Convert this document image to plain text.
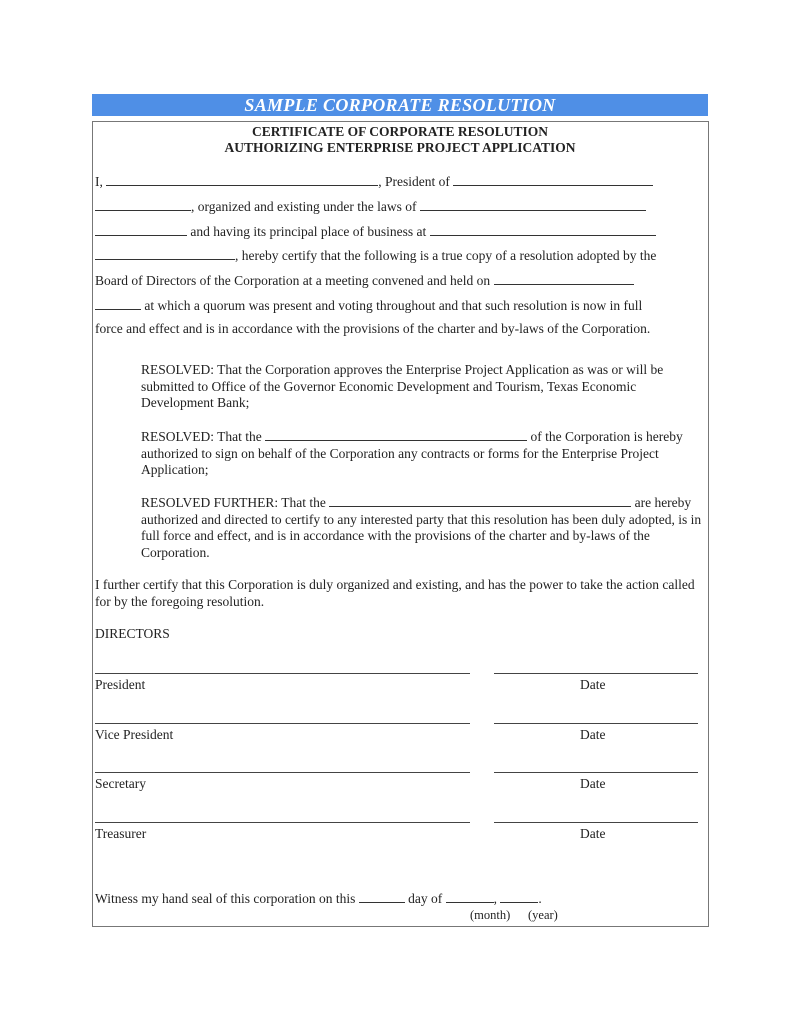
SAMPLE CORPORATE RESOLUTION
CERTIFICATE OF CORPORATE RESOLUTION
AUTHORIZING ENTERPRISE PROJECT APPLICATION
I,	, President of
, organized and existing under the laws of
and having its principal place of business at
, hereby certify that the following is a true copy of a resolution adopted by the
Board of Directors of the Corporation at a meeting convened and held on
at which a quorum was present and voting throughout and that such resolution is now in full
force and effect and is in accordance with the provisions of the charter and by-laws of the Corporation.
RESOLVED: That the Corporation approves the Enterprise Project Application as was or will be submitted to Office of the Governor Economic Development and Tourism, Texas Economic Development Bank;
RESOLVED: That the	of the Corporation is hereby authorized to sign on behalf of the Corporation any contracts or forms for the Enterprise Project Application;
RESOLVED FURTHER: That the	are hereby authorized and directed to certify to any interested party that this resolution has been duly adopted, is in full force and effect, and is in accordance with the provisions of the charter and by-laws of the Corporation.
I further certify that this Corporation is duly organized and existing, and has the power to take the action called for by the foregoing resolution.
DIRECTORS
President	Date
Vice President	Date
Secretary	Date
Treasurer	Date
Witness my hand seal of this corporation on this	day of	,	.
(month) (year)
